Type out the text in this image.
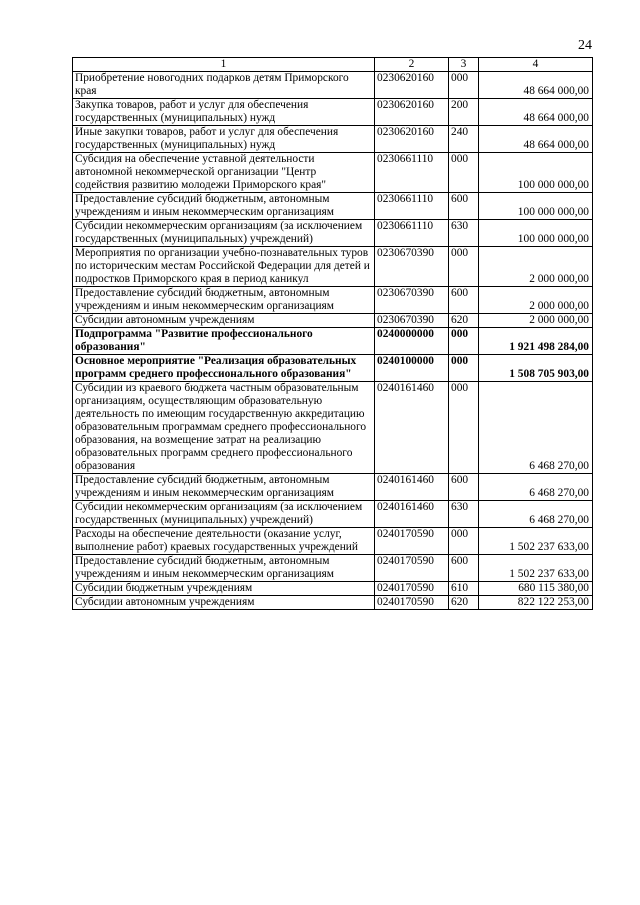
24
1	2	3	4
Приобретение новогодних подарков детям Приморского края	0230620160	000	48 664 000,00
Закупка товаров, работ и услуг для обеспечения государственных (муниципальных) нужд	0230620160	200	48 664 000,00
Иные закупки товаров, работ и услуг для обеспечения государственных (муниципальных) нужд	0230620160	240	48 664 000,00
Субсидия на обеспечение уставной деятельности автономной некоммерческой организации "Центр содействия развитию молодежи Приморского края"	0230661110	000	100 000 000,00
Предоставление субсидий бюджетным, автономным учреждениям и иным некоммерческим организациям	0230661110	600	100 000 000,00
Субсидии некоммерческим организациям (за исключением государственных (муниципальных) учреждений)	0230661110	630	100 000 000,00
Мероприятия по организации учебно-познавательных туров по историческим местам Российской Федерации для детей и подростков Приморского края в период каникул	0230670390	000	2 000 000,00
Предоставление субсидий бюджетным, автономным учреждениям и иным некоммерческим организациям	0230670390	600	2 000 000,00
Субсидии автономным учреждениям	0230670390	620	2 000 000,00
Подпрограмма "Развитие профессионального образования"	0240000000	000	1 921 498 284,00
Основное мероприятие "Реализация образовательных программ среднего профессионального образования"	0240100000	000	1 508 705 903,00
Субсидии из краевого бюджета частным образовательным организациям, осуществляющим образовательную деятельность по имеющим государственную аккредитацию образовательным программам среднего профессионального образования, на возмещение затрат на реализацию образовательных программ среднего профессионального образования	0240161460	000	6 468 270,00
Предоставление субсидий бюджетным, автономным учреждениям и иным некоммерческим организациям	0240161460	600	6 468 270,00
Субсидии некоммерческим организациям (за исключением государственных (муниципальных) учреждений)	0240161460	630	6 468 270,00
Расходы на обеспечение деятельности (оказание услуг, выполнение работ) краевых государственных учреждений	0240170590	000	1 502 237 633,00
Предоставление субсидий бюджетным, автономным учреждениям и иным некоммерческим организациям	0240170590	600	1 502 237 633,00
Субсидии бюджетным учреждениям	0240170590	610	680 115 380,00
Субсидии автономным учреждениям	0240170590	620	822 122 253,00
